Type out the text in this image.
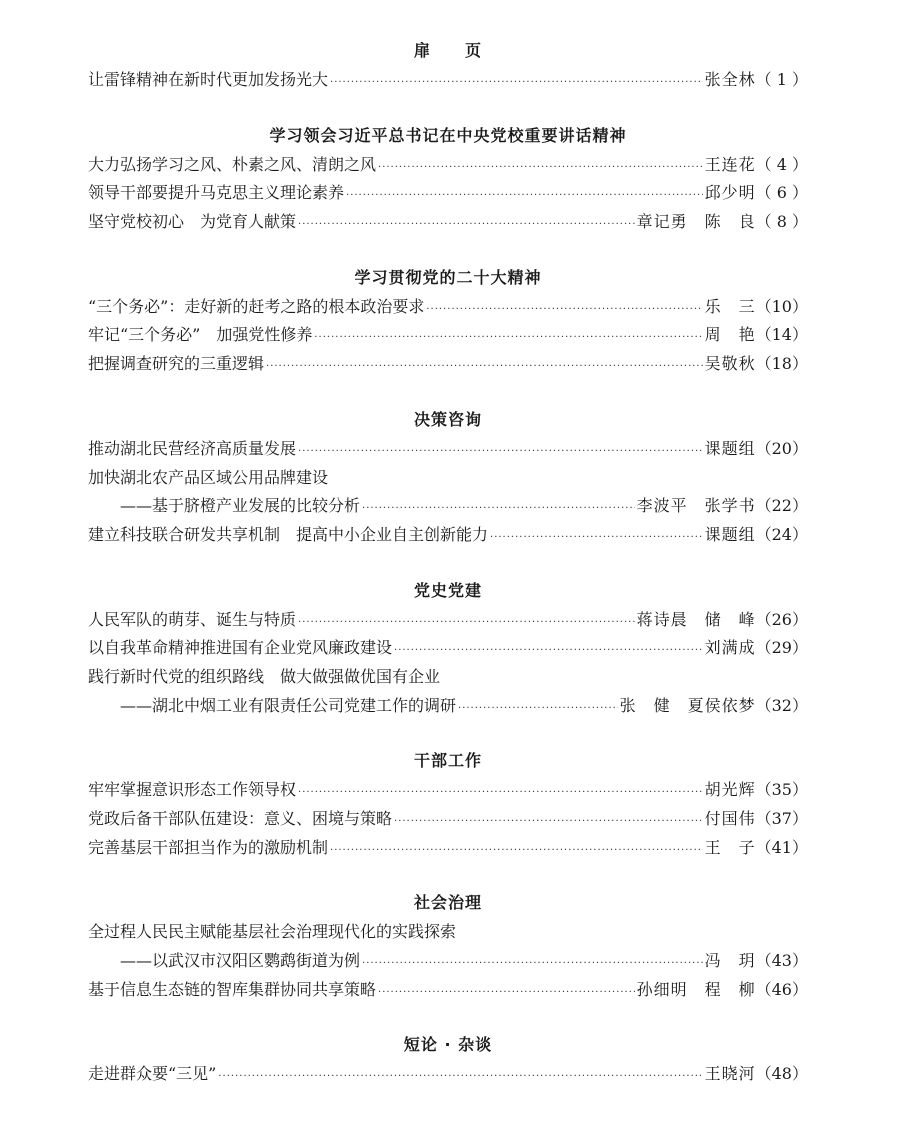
扉　　页
让雷锋精神在新时代更加发扬光大 ·····	张全林 （ 1 ）
学习领会习近平总书记在中央党校重要讲话精神
大力弘扬学习之风、朴素之风、清朗之风 ·····	王连花 （ 4 ）
领导干部要提升马克思主义理论素养 ·····	邱少明 （ 6 ）
坚守党校初心　为党育人献策 ·····	章记勇　陈　良 （ 8 ）
学习贯彻党的二十大精神
“三个务必”：走好新的赶考之路的根本政治要求 ·····	乐　三 （10）
牢记“三个务必”　加强党性修养 ·····	周　艳 （14）
把握调查研究的三重逻辑 ·····	吴敬秋 （18）
决策咨询
推动湖北民营经济高质量发展 ·····	课题组 （20）
加快湖北农产品区域公用品牌建设
——基于脐橙产业发展的比较分析 ·····	李波平　张学书 （22）
建立科技联合研发共享机制　提高中小企业自主创新能力 ·····	课题组 （24）
党史党建
人民军队的萌芽、诞生与特质 ·····	蒋诗晨　储　峰 （26）
以自我革命精神推进国有企业党风廉政建设 ·····	刘满成 （29）
践行新时代党的组织路线　做大做强做优国有企业
——湖北中烟工业有限责任公司党建工作的调研 ·····	张　健　夏侯依梦 （32）
干部工作
牢牢掌握意识形态工作领导权 ·····	胡光辉 （35）
党政后备干部队伍建设：意义、困境与策略 ·····	付国伟 （37）
完善基层干部担当作为的激励机制 ·····	王　子 （41）
社会治理
全过程人民民主赋能基层社会治理现代化的实践探索
——以武汉市汉阳区鹦鹉街道为例 ·····	冯　玥 （43）
基于信息生态链的智库集群协同共享策略 ·····	孙细明　程　柳 （46）
短论 · 杂谈
走进群众要“三见” ·····	王晓河 （48）
